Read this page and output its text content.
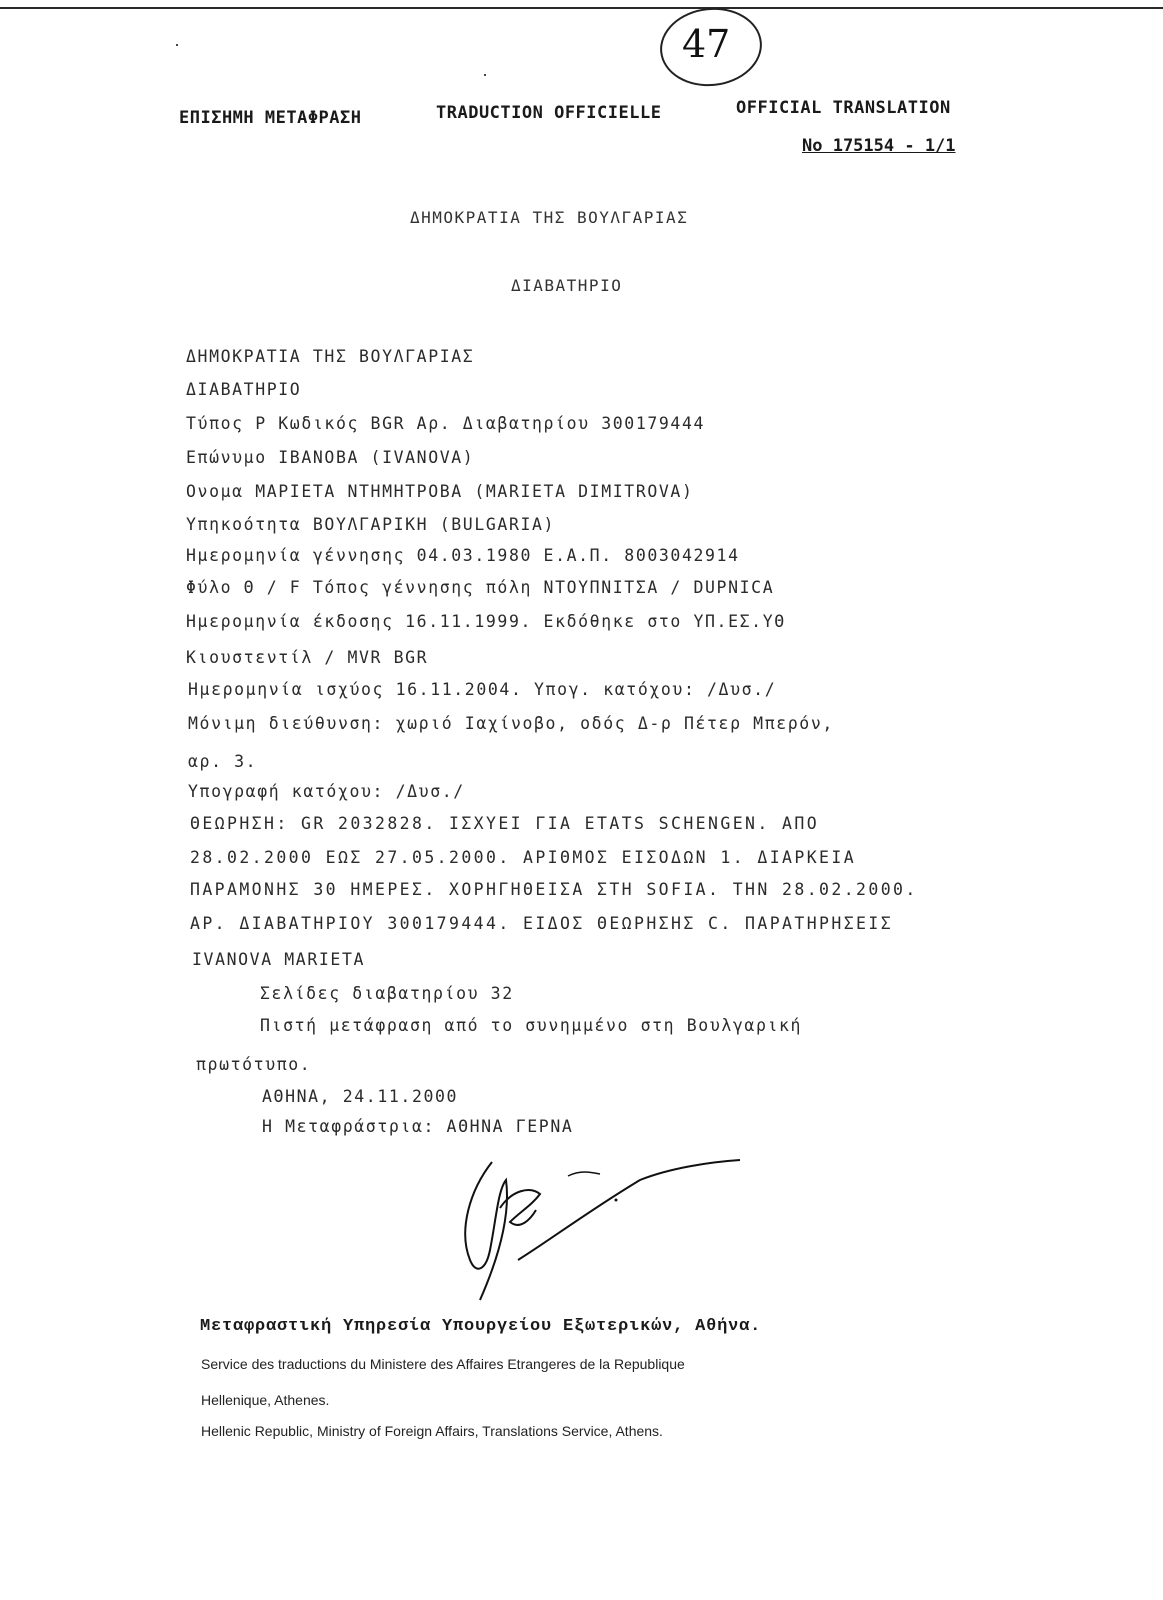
47
ΕΠΙΣΗΜΗ ΜΕΤΑΦΡΑΣΗ	TRADUCTION OFFICIELLE	OFFICIAL TRANSLATION
No 175154 - 1/1
ΔΗΜΟΚΡΑΤΙΑ ΤΗΣ ΒΟΥΛΓΑΡΙΑΣ
ΔΙΑΒΑΤΗΡΙΟ
ΔΗΜΟΚΡΑΤΙΑ ΤΗΣ ΒΟΥΛΓΑΡΙΑΣ
ΔΙΑΒΑΤΗΡΙΟ
Τύπος Ρ Κωδικός BGR Αρ. Διαβατηρίου 300179444
Επώνυμο ΙΒΑΝΟΒΑ (IVANOVA)
Ονομα ΜΑΡΙΕΤΑ ΝΤΗΜΗΤΡΟΒΑ (MARIETA DIMITROVA)
Υπηκοότητα ΒΟΥΛΓΑΡΙΚΗ (BULGARIA)
Ημερομηνία γέννησης 04.03.1980 Ε.Α.Π. 8003042914
Φύλο Θ / F Τόπος γέννησης πόλη ΝΤΟΥΠΝΙΤΣΑ / DUPNICA
Ημερομηνία έκδοσης 16.11.1999. Εκδόθηκε στο ΥΠ.ΕΣ.ΥΘ
Κιουστεντίλ / MVR BGR
Ημερομηνία ισχύος 16.11.2004. Υπογ. κατόχου: /Δυσ./
Μόνιμη διεύθυνση: χωριό Ιαχίνοβο, οδός Δ-ρ Πέτερ Μπερόν,
αρ. 3.
Υπογραφή κατόχου: /Δυσ./
ΘΕΩΡΗΣΗ: GR 2032828. ΙΣΧΥΕΙ ΓΙΑ ETATS SCHENGEN. ΑΠΟ
28.02.2000 ΕΩΣ 27.05.2000. ΑΡΙΘΜΟΣ ΕΙΣΟΔΩΝ 1. ΔΙΑΡΚΕΙΑ
ΠΑΡΑΜΟΝΗΣ 30 ΗΜΕΡΕΣ. ΧΟΡΗΓΗΘΕΙΣΑ ΣΤΗ SOFIA. ΤΗΝ 28.02.2000.
ΑΡ. ΔΙΑΒΑΤΗΡΙΟΥ 300179444. ΕΙΔΟΣ ΘΕΩΡΗΣΗΣ C. ΠΑΡΑΤΗΡΗΣΕΙΣ
IVANOVA MARIETA
Σελίδες διαβατηρίου 32
Πιστή μετάφραση από το συνημμένο στη Βουλγαρική
πρωτότυπο.
ΑΘΗΝΑ, 24.11.2000
Η Μεταφράστρια: ΑΘΗΝΑ ΓΕΡΝΑ
Μεταφραστική Υπηρεσία Υπουργείου Εξωτερικών, Αθήνα.
Service des traductions du Ministere des Affaires Etrangeres de la Republique
Hellenique, Athenes.
Hellenic Republic, Ministry of Foreign Affairs, Translations Service, Athens.
